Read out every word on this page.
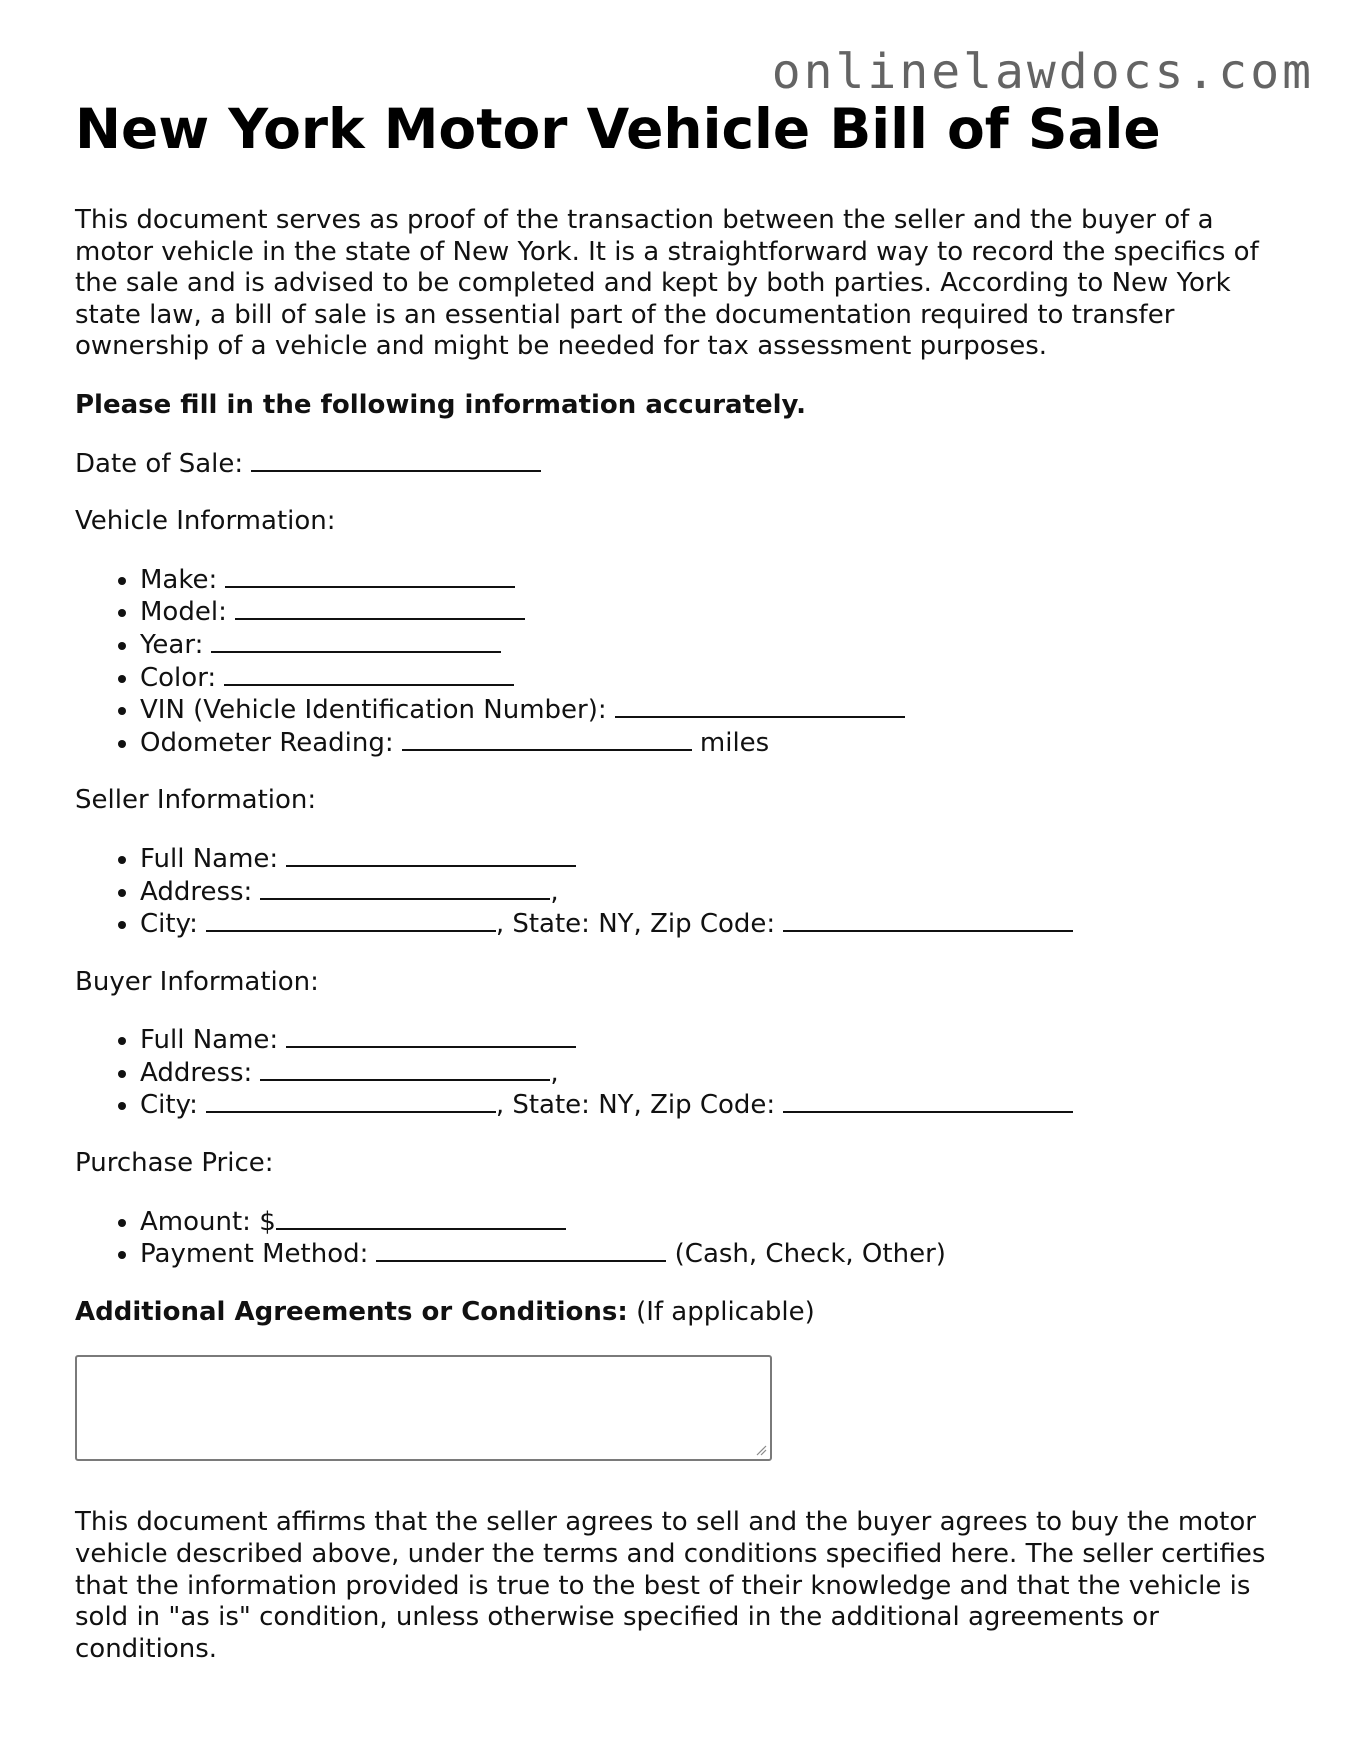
onlinelawdocs.com
New York Motor Vehicle Bill of Sale

This document serves as proof of the transaction between the seller and the buyer of a motor vehicle in the state of New York. It is a straightforward way to record the specifics of the sale and is advised to be completed and kept by both parties. According to New York state law, a bill of sale is an essential part of the documentation required to transfer ownership of a vehicle and might be needed for tax assessment purposes.

Please fill in the following information accurately.

Date of Sale:

Vehicle Information:

• Make:
• Model:
• Year:
• Color:
• VIN (Vehicle Identification Number):
• Odometer Reading:	miles

Seller Information:

• Full Name:
• Address:	,
• City:	, State: NY, Zip Code:

Buyer Information:

• Full Name:
• Address:	,
• City:	, State: NY, Zip Code:

Purchase Price:

• Amount: $
• Payment Method:	(Cash, Check, Other)

Additional Agreements or Conditions: (If applicable)

This document affirms that the seller agrees to sell and the buyer agrees to buy the motor vehicle described above, under the terms and conditions specified here. The seller certifies that the information provided is true to the best of their knowledge and that the vehicle is sold in "as is" condition, unless otherwise specified in the additional agreements or conditions.
